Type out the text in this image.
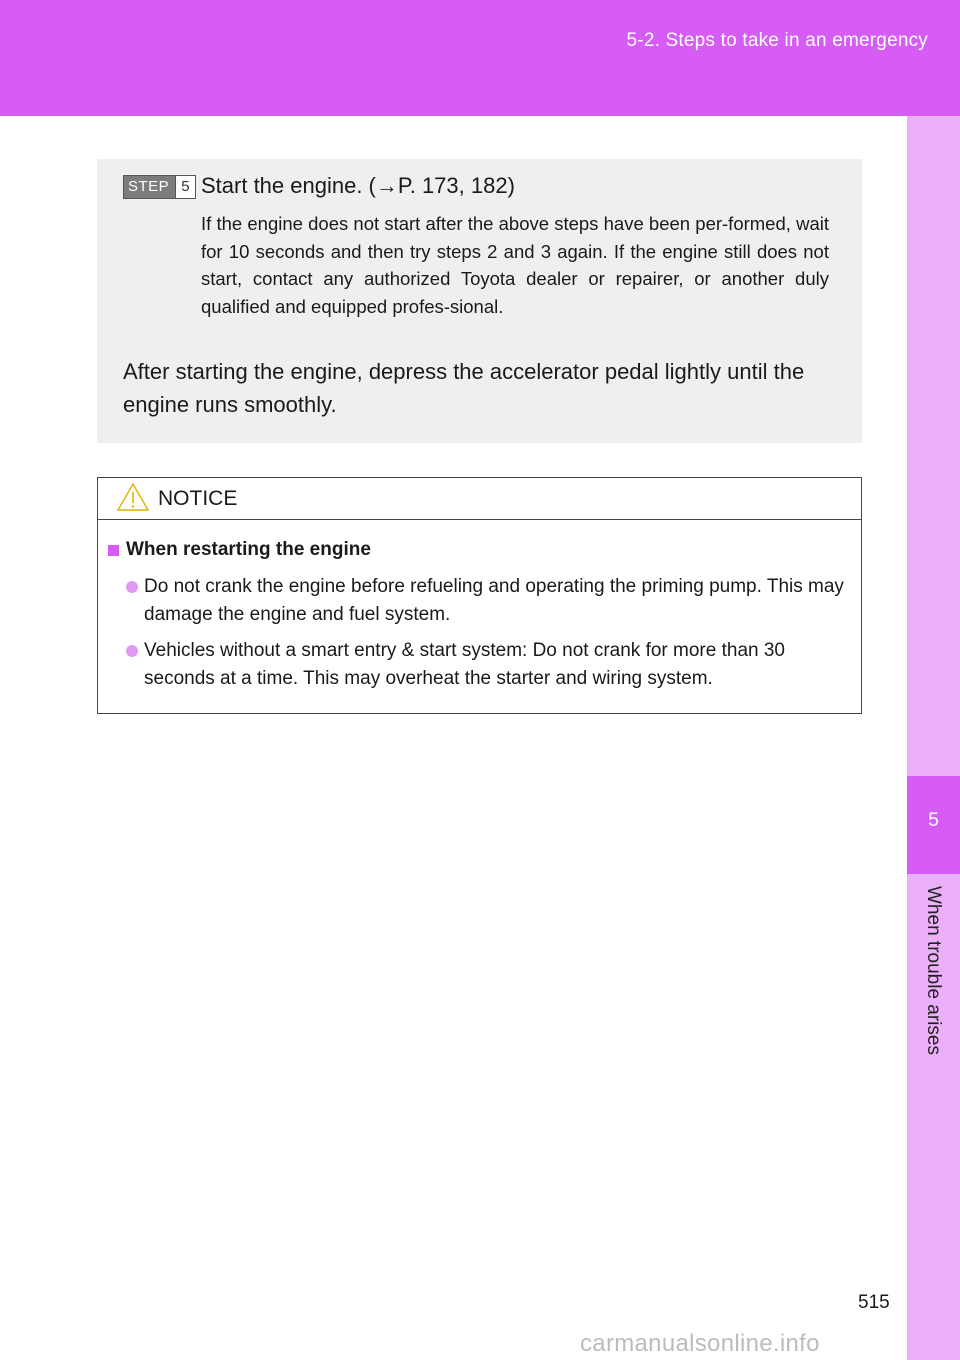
5-2. Steps to take in an emergency
5
When trouble arises
STEP 5 Start the engine. (→P. 173, 182)
If the engine does not start after the above steps have been per-formed, wait for 10 seconds and then try steps 2 and 3 again. If the engine still does not start, contact any authorized Toyota dealer or repairer, or another duly qualified and equipped profes-sional.
After starting the engine, depress the accelerator pedal lightly until the engine runs smoothly.
NOTICE
When restarting the engine
Do not crank the engine before refueling and operating the priming pump. This may damage the engine and fuel system.
Vehicles without a smart entry & start system: Do not crank for more than 30 seconds at a time. This may overheat the starter and wiring system.
515
carmanualsonline.info
